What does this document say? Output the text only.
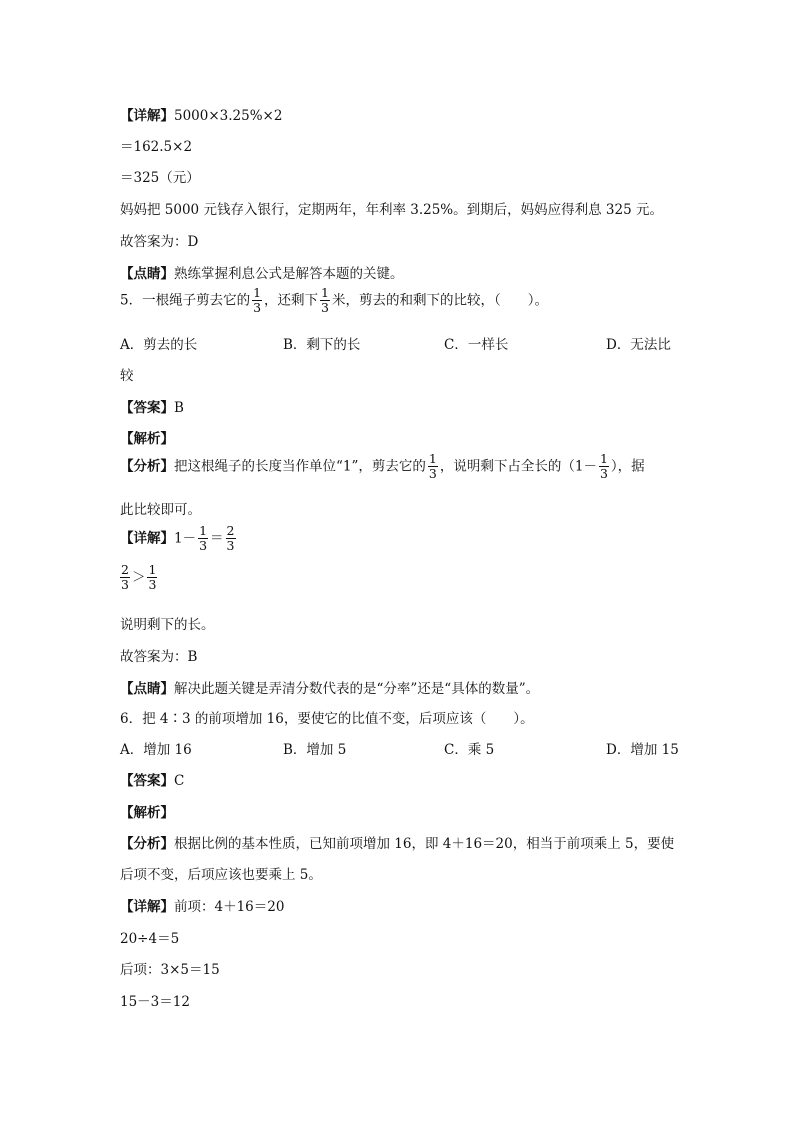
【详解】5000×3.25%×2
＝162.5×2
＝325（元）
妈妈把 5000 元钱存入银行，定期两年，年利率 3.25%。到期后，妈妈应得利息 325 元。
故答案为：D
【点睛】熟练掌握利息公式是解答本题的关键。
5．一根绳子剪去它的 $\frac{1}{3}$ ，还剩下 $\frac{1}{3}$ 米，剪去的和剩下的比较，（　　）。
A．剪去的长	B．剩下的长	C．一样长	D．无法比
较
【答案】B
【解析】
【分析】把这根绳子的长度当作单位“1”，剪去它的 $\frac{1}{3}$ ，说明剩下占全长的（$1- \frac{1}{3}$ ），据
此比较即可。
【详解】$1- \frac{1}{3} = \frac{2}{3}$
$\frac{2}{3} > \frac{1}{3}$
说明剩下的长。
故答案为：B
【点睛】解决此题关键是弄清分数代表的是“分率”还是“具体的数量”。
6．把 4∶3 的前项增加 16，要使它的比值不变，后项应该（　　）。
A．增加 16	B．增加 5	C．乘 5	D．增加 15
【答案】C
【解析】
【分析】根据比例的基本性质，已知前项增加 16，即 4＋16＝20，相当于前项乘上 5，要使
后项不变，后项应该也要乘上 5。
【详解】前项：4＋16＝20
20÷4＝5
后项：3×5＝15
15－3＝12
